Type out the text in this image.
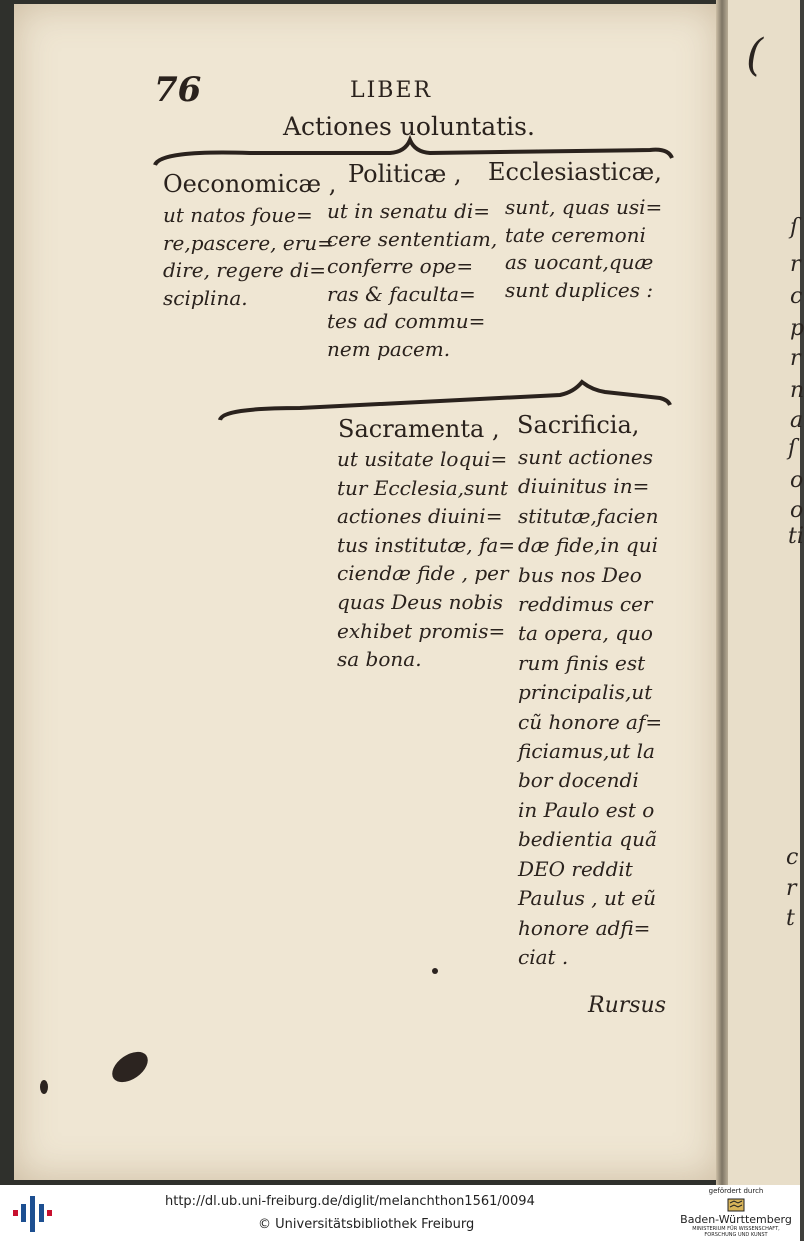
76	LIBER
Actiones uoluntatis.
Oeconomicæ , Politicæ , Ecclesiasticæ,
ut natos foue=
re,pascere, eru=
dire, regere di=
sciplina.
ut in senatu di=
cere sententiam,
conferre ope=
ras & faculta=
tes ad commu=
nem pacem.
sunt, quas usi=
tate ceremoni
as uocant,quæ
sunt duplices :
Sacramenta , Sacrificia,
ut usitate loqui=
tur Ecclesia,sunt
actiones diuini=
tus institutæ, fa=
ciendæ fide , per
quas Deus nobis
exhibet promis=
sa bona.
sunt actiones
diuinitus in=
stitutæ,facien
dæ fide,in qui
bus nos Deo
reddimus cer
ta opera, quo
rum finis est
principalis,ut
cũ honore af=
ficiamus,ut la
bor docendi
in Paulo est o
bedientia quã
DEO reddit
Paulus , ut eũ
honore adfi=
ciat .
Rursus
(
ſ
r
c
p
r
n
a
ſ
o
o
ti
c
r
t
http://dl.ub.uni-freiburg.de/diglit/melanchthon1561/0094
© Universitätsbibliothek Freiburg
gefördert durch
Baden-Württemberg
MINISTERIUM FÜR WISSENSCHAFT, FORSCHUNG UND KUNST
